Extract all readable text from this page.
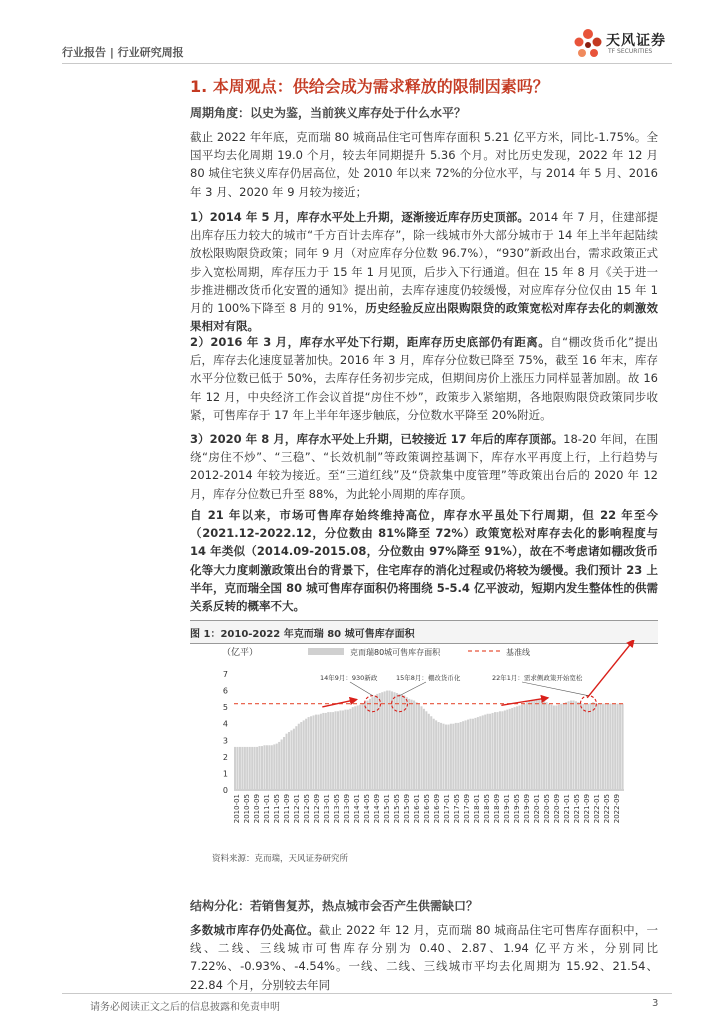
行业报告 | 行业研究周报
天风证券
TF SECURITIES
1. 本周观点：供给会成为需求释放的限制因素吗？
周期角度：以史为鉴，当前狭义库存处于什么水平？
截止 2022 年年底，克而瑞 80 城商品住宅可售库存面积 5.21 亿平方米，同比-1.75%。全国平均去化周期 19.0 个月，较去年同期提升 5.36 个月。对比历史发现，2022 年 12 月 80 城住宅狭义库存仍居高位，处 2010 年以来 72%的分位水平，与 2014 年 5 月、2016 年 3 月、2020 年 9 月较为接近；
1）2014 年 5 月，库存水平处上升期，逐渐接近库存历史顶部。2014 年 7 月，住建部提出库存压力较大的城市“千方百计去库存”，除一线城市外大部分城市于 14 年上半年起陆续放松限购限贷政策；同年 9 月（对应库存分位数 96.7%），“930”新政出台，需求政策正式步入宽松周期，库存压力于 15 年 1 月见顶，后步入下行通道。但在 15 年 8 月《关于进一步推进棚改货币化安置的通知》提出前，去库存速度仍较缓慢，对应库存分位仅由 15 年 1 月的 100%下降至 8 月的 91%，历史经验反应出限购限贷的政策宽松对库存去化的刺激效果相对有限。
2）2016 年 3 月，库存水平处下行期，距库存历史底部仍有距离。自“棚改货币化”提出后，库存去化速度显著加快。2016 年 3 月，库存分位数已降至 75%，截至 16 年末，库存水平分位数已低于 50%，去库存任务初步完成，但期间房价上涨压力同样显著加剧。故 16 年 12 月，中央经济工作会议首提“房住不炒”，政策步入紧缩期，各地限购限贷政策同步收紧，可售库存于 17 年上半年年逐步触底，分位数水平降至 20%附近。
3）2020 年 8 月，库存水平处上升期，已较接近 17 年后的库存顶部。18-20 年间，在围绕“房住不炒”、“三稳”、“长效机制”等政策调控基调下，库存水平再度上行，上行趋势与 2012-2014 年较为接近。至“三道红线”及“贷款集中度管理”等政策出台后的 2020 年 12 月，库存分位数已升至 88%，为此轮小周期的库存顶。
自 21 年以来，市场可售库存始终维持高位，库存水平虽处下行周期，但 22 年至今（2021.12-2022.12，分位数由 81%降至 72%）政策宽松对库存去化的影响程度与 14 年类似（2014.09-2015.08，分位数由 97%降至 91%），故在不考虑诸如棚改货币化等大力度刺激政策出台的背景下，住宅库存的消化过程或仍将较为缓慢。我们预计 23 上半年，克而瑞全国 80 城可售库存面积仍将围绕 5-5.4 亿平波动，短期内发生整体性的供需关系反转的概率不大。
图 1：2010-2022 年克而瑞 80 城可售库存面积
（亿平）	克而瑞80城可售库存面积	基准线
0
1
2
3
4
5
6
7
2010-01 2010-05 2010-09 2011-01 2011-05 2011-09 2012-01 2012-05 2012-09 2013-01 2013-05 2013-09 2014-01 2014-05 2014-09 2015-01 2015-05 2015-09 2016-01 2016-05 2016-09 2017-01 2017-05 2017-09 2018-01 2018-05 2018-09 2019-01 2019-05 2019-09 2020-01 2020-05 2020-09 2021-01 2021-05 2021-09 2022-01 2022-05 2022-09
14年9月：930新政	15年8月：棚改货币化	22年1月：需求侧政策开始宽松
资料来源：克而瑞，天风证券研究所
结构分化：若销售复苏，热点城市会否产生供需缺口？
多数城市库存仍处高位。截止 2022 年 12 月，克而瑞 80 城商品住宅可售库存面积中，一线、二线、三线城市可售库存分别为 0.40、2.87、1.94 亿平方米，分别同比 7.22%、-0.93%、-4.54%。一线、二线、三线城市平均去化周期为 15.92、21.54、22.84 个月，分别较去年同
请务必阅读正文之后的信息披露和免责申明	3
